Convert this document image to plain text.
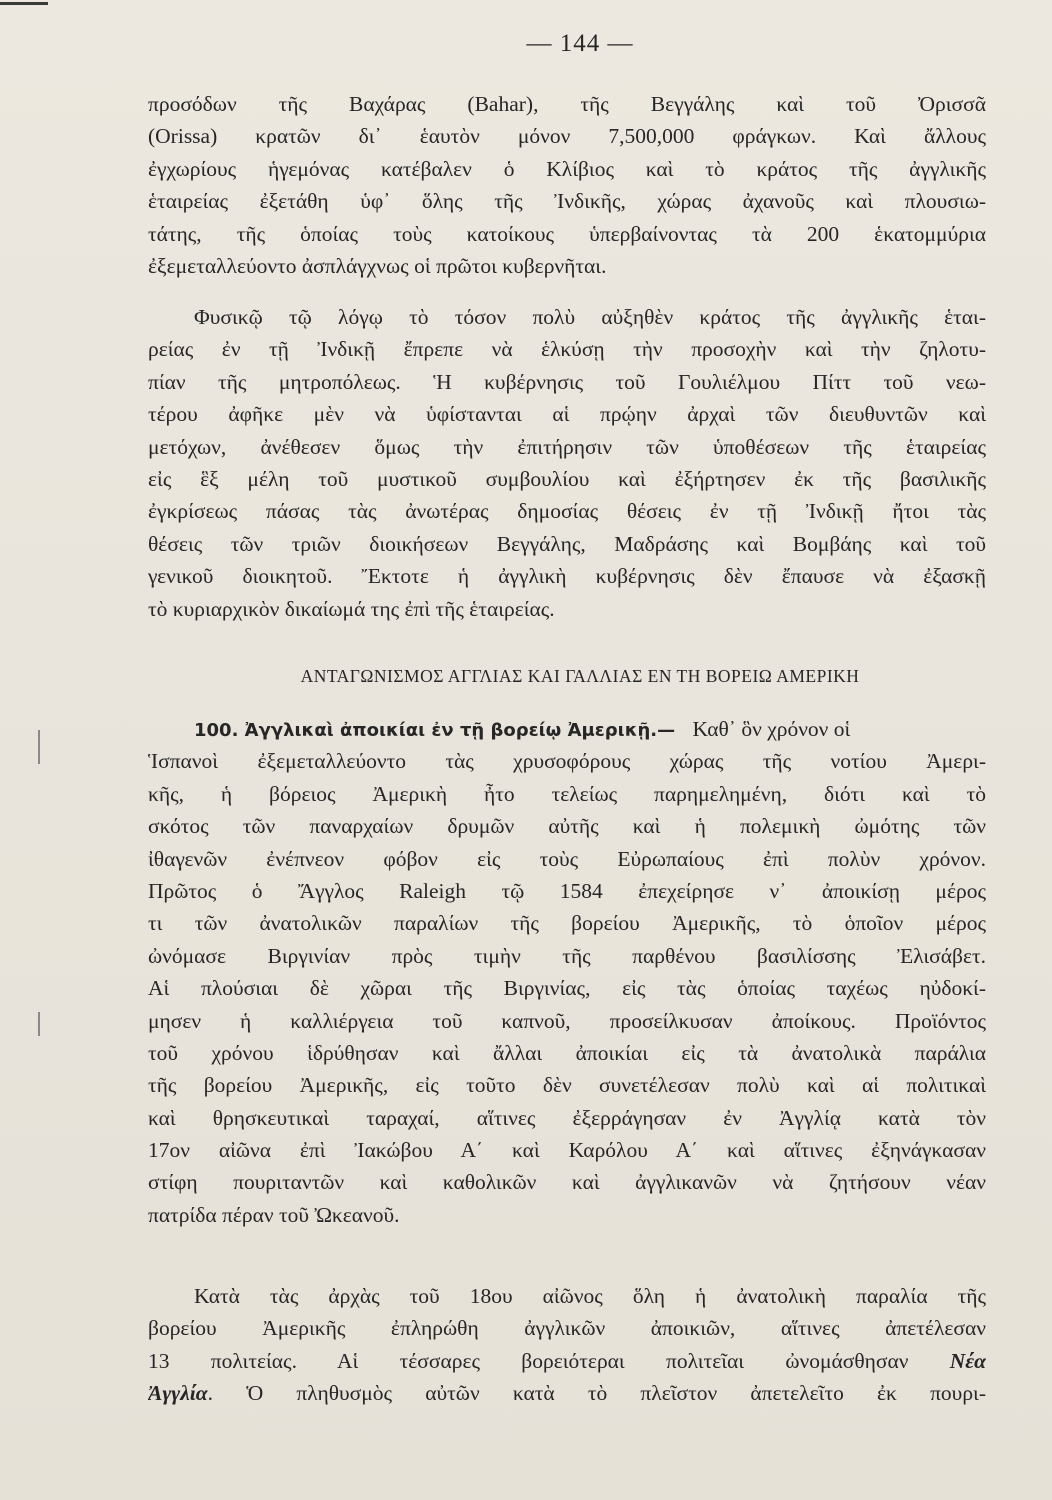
— 144 —
προσόδων τῆς Βαχάρας (Bahar), τῆς Βεγγάλης καὶ τοῦ Ὀρισσᾶ
(Orissa) κρατῶν δι᾿ ἑαυτὸν μόνον 7,500,000 φράγκων. Καὶ ἄλλους
ἐγχωρίους ἡγεμόνας κατέβαλεν ὁ Κλίβιος καὶ τὸ κράτος τῆς ἀγγλικῆς
ἑταιρείας ἐξετάθη ὑφ᾿ ὅλης τῆς Ἰνδικῆς, χώρας ἀχανοῦς καὶ πλουσιω-
τάτης, τῆς ὁποίας τοὺς κατοίκους ὑπερβαίνοντας τὰ 200 ἑκατομμύρια
ἐξεμεταλλεύοντο ἀσπλάγχνως οἱ πρῶτοι κυβερνῆται.
Φυσικῷ τῷ λόγῳ τὸ τόσον πολὺ αὐξηθὲν κράτος τῆς ἀγγλικῆς ἑται-
ρείας ἐν τῇ Ἰνδικῇ ἔπρεπε νὰ ἑλκύσῃ τὴν προσοχὴν καὶ τὴν ζηλοτυ-
πίαν τῆς μητροπόλεως. Ἡ κυβέρνησις τοῦ Γουλιέλμου Πίττ τοῦ νεω-
τέρου ἀφῆκε μὲν νὰ ὑφίστανται αἱ πρῴην ἀρχαὶ τῶν διευθυντῶν καὶ
μετόχων, ἀνέθεσεν ὅμως τὴν ἐπιτήρησιν τῶν ὑποθέσεων τῆς ἑταιρείας
εἰς ἓξ μέλη τοῦ μυστικοῦ συμβουλίου καὶ ἐξήρτησεν ἐκ τῆς βασιλικῆς
ἐγκρίσεως πάσας τὰς ἀνωτέρας δημοσίας θέσεις ἐν τῇ Ἰνδικῇ ἤτοι τὰς
θέσεις τῶν τριῶν διοικήσεων Βεγγάλης, Μαδράσης καὶ Βομβάης καὶ τοῦ
γενικοῦ διοικητοῦ. Ἔκτοτε ἡ ἀγγλικὴ κυβέρνησις δὲν ἔπαυσε νὰ ἐξασκῇ
τὸ κυριαρχικὸν δικαίωμά της ἐπὶ τῆς ἑταιρείας.
ΑΝΤΑΓΩΝΙΣΜΟΣ ΑΓΓΛΙΑΣ ΚΑΙ ΓΑΛΛΙΑΣ ΕΝ ΤΗ ΒΟΡΕΙΩ ΑΜΕΡΙΚΗ
100. Ἀγγλικαὶ ἀποικίαι ἐν τῇ βορείῳ Ἀμερικῇ.— Καθ᾿ ὃν χρόνον οἱ
Ἱσπανοὶ ἐξεμεταλλεύοντο τὰς χρυσοφόρους χώρας τῆς νοτίου Ἀμερι-
κῆς, ἡ βόρειος Ἀμερικὴ ἦτο τελείως παρημελημένη, διότι καὶ τὸ
σκότος τῶν παναρχαίων δρυμῶν αὐτῆς καὶ ἡ πολεμικὴ ὠμότης τῶν
ἰθαγενῶν ἐνέπνεον φόβον εἰς τοὺς Εὐρωπαίους ἐπὶ πολὺν χρόνον.
Πρῶτος ὁ Ἄγγλος Raleigh τῷ 1584 ἐπεχείρησε ν᾿ ἀποικίσῃ μέρος
τι τῶν ἀνατολικῶν παραλίων τῆς βορείου Ἀμερικῆς, τὸ ὁποῖον μέρος
ὠνόμασε Βιργινίαν πρὸς τιμὴν τῆς παρθένου βασιλίσσης Ἐλισάβετ.
Αἱ πλούσιαι δὲ χῶραι τῆς Βιργινίας, εἰς τὰς ὁποίας ταχέως ηὐδοκί-
μησεν ἡ καλλιέργεια τοῦ καπνοῦ, προσείλκυσαν ἀποίκους. Προϊόντος
τοῦ χρόνου ἱδρύθησαν καὶ ἄλλαι ἀποικίαι εἰς τὰ ἀνατολικὰ παράλια
τῆς βορείου Ἀμερικῆς, εἰς τοῦτο δὲν συνετέλεσαν πολὺ καὶ αἱ πολιτικαὶ
καὶ θρησκευτικαὶ ταραχαί, αἵτινες ἐξερράγησαν ἐν Ἀγγλίᾳ κατὰ τὸν
17ον αἰῶνα ἐπὶ Ἰακώβου Α΄ καὶ Καρόλου Α΄ καὶ αἵτινες ἐξηνάγκασαν
στίφη πουριταντῶν καὶ καθολικῶν καὶ ἀγγλικανῶν νὰ ζητήσουν νέαν
πατρίδα πέραν τοῦ Ὠκεανοῦ.
Κατὰ τὰς ἀρχὰς τοῦ 18ου αἰῶνος ὅλη ἡ ἀνατολικὴ παραλία τῆς
βορείου Ἀμερικῆς ἐπληρώθη ἀγγλικῶν ἀποικιῶν, αἵτινες ἀπετέλεσαν
13 πολιτείας. Αἱ τέσσαρες βορειότεραι πολιτεῖαι ὠνομάσθησαν Νέα
Ἀγγλία. Ὁ πληθυσμὸς αὐτῶν κατὰ τὸ πλεῖστον ἀπετελεῖτο ἐκ πουρι-
